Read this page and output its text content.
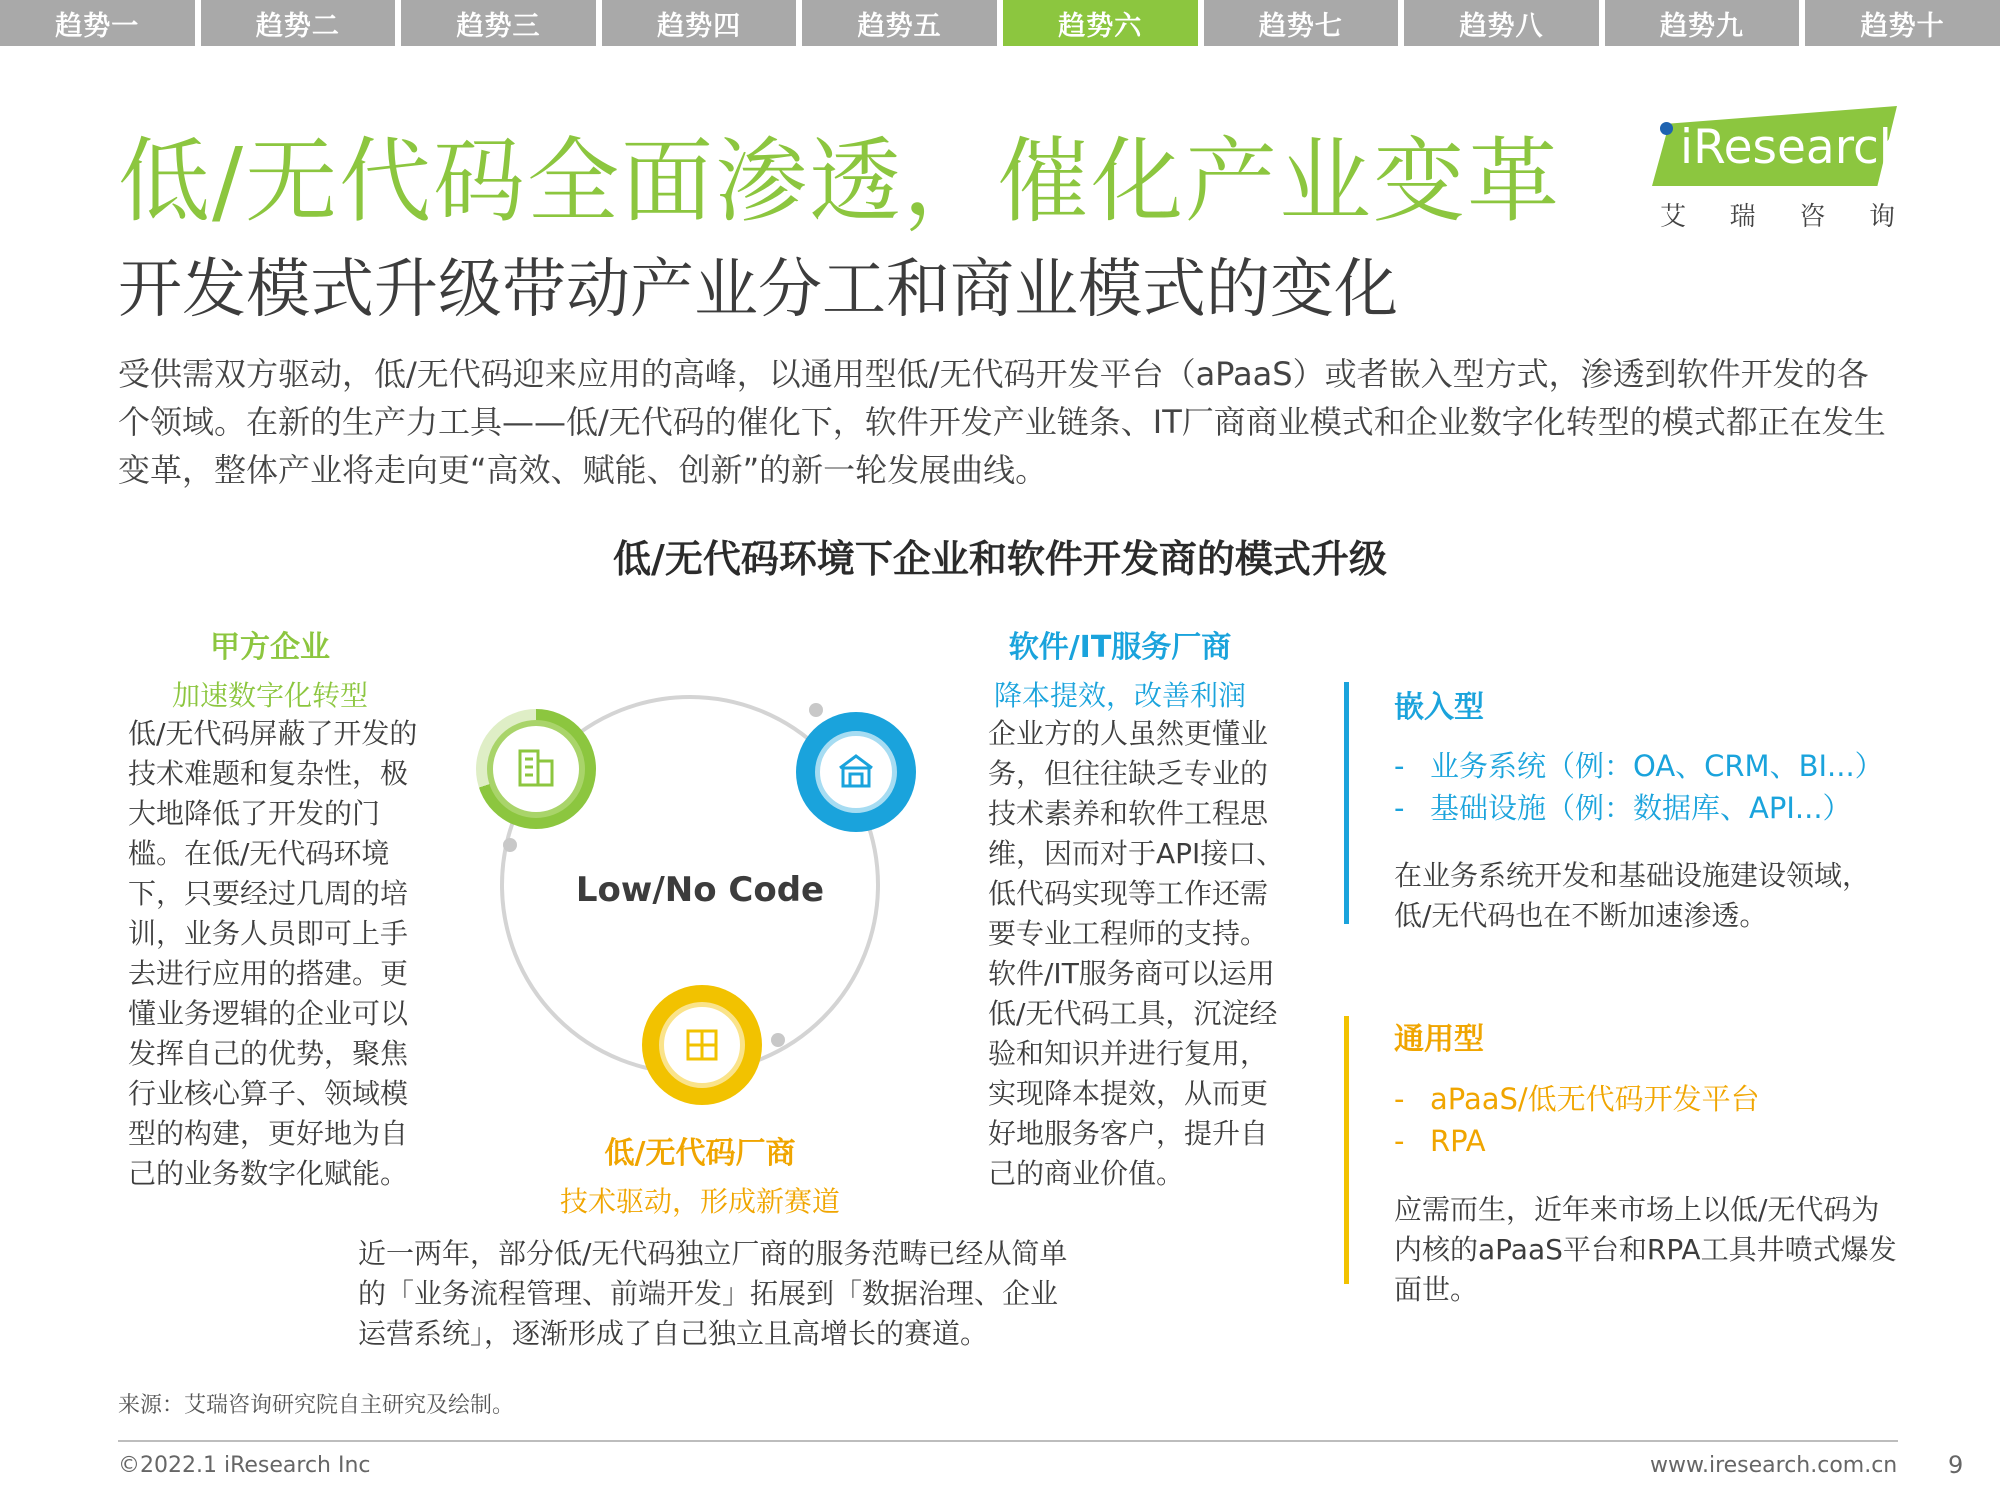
趋势一	趋势二	趋势三	趋势四	趋势五	趋势六	趋势七	趋势八	趋势九	趋势十
低/无代码全面渗透，催化产业变革
开发模式升级带动产业分工和商业模式的变化
iResearch
艾 瑞 咨 询
受供需双方驱动，低/无代码迎来应用的高峰，以通用型低/无代码开发平台（aPaaS）或者嵌入型方式，渗透到软件开发的各个领域。在新的生产力工具——低/无代码的催化下，软件开发产业链条、IT厂商商业模式和企业数字化转型的模式都正在发生变革，整体产业将走向更“高效、赋能、创新”的新一轮发展曲线。
低/无代码环境下企业和软件开发商的模式升级
甲方企业
加速数字化转型
低/无代码屏蔽了开发的技术难题和复杂性，极大地降低了开发的门槛。在低/无代码环境下，只要经过几周的培训，业务人员即可上手去进行应用的搭建。更懂业务逻辑的企业可以发挥自己的优势，聚焦行业核心算子、领域模型的构建，更好地为自己的业务数字化赋能。
软件/IT服务厂商
降本提效，改善利润
企业方的人虽然更懂业务，但往往缺乏专业的技术素养和软件工程思维，因而对于API接口、低代码实现等工作还需要专业工程师的支持。软件/IT服务商可以运用低/无代码工具，沉淀经验和知识并进行复用，实现降本提效，从而更好地服务客户，提升自己的商业价值。
Low/No Code
低/无代码厂商
技术驱动，形成新赛道
近一两年，部分低/无代码独立厂商的服务范畴已经从简单的「业务流程管理、前端开发」拓展到「数据治理、企业运营系统」，逐渐形成了自己独立且高增长的赛道。
嵌入型
- 业务系统（例：OA、CRM、BI...）
- 基础设施（例：数据库、API...）
在业务系统开发和基础设施建设领域，低/无代码也在不断加速渗透。
通用型
- aPaaS/低无代码开发平台
- RPA
应需而生，近年来市场上以低/无代码为内核的aPaaS平台和RPA工具井喷式爆发面世。
来源：艾瑞咨询研究院自主研究及绘制。
©2022.1 iResearch Inc	www.iresearch.com.cn 9
